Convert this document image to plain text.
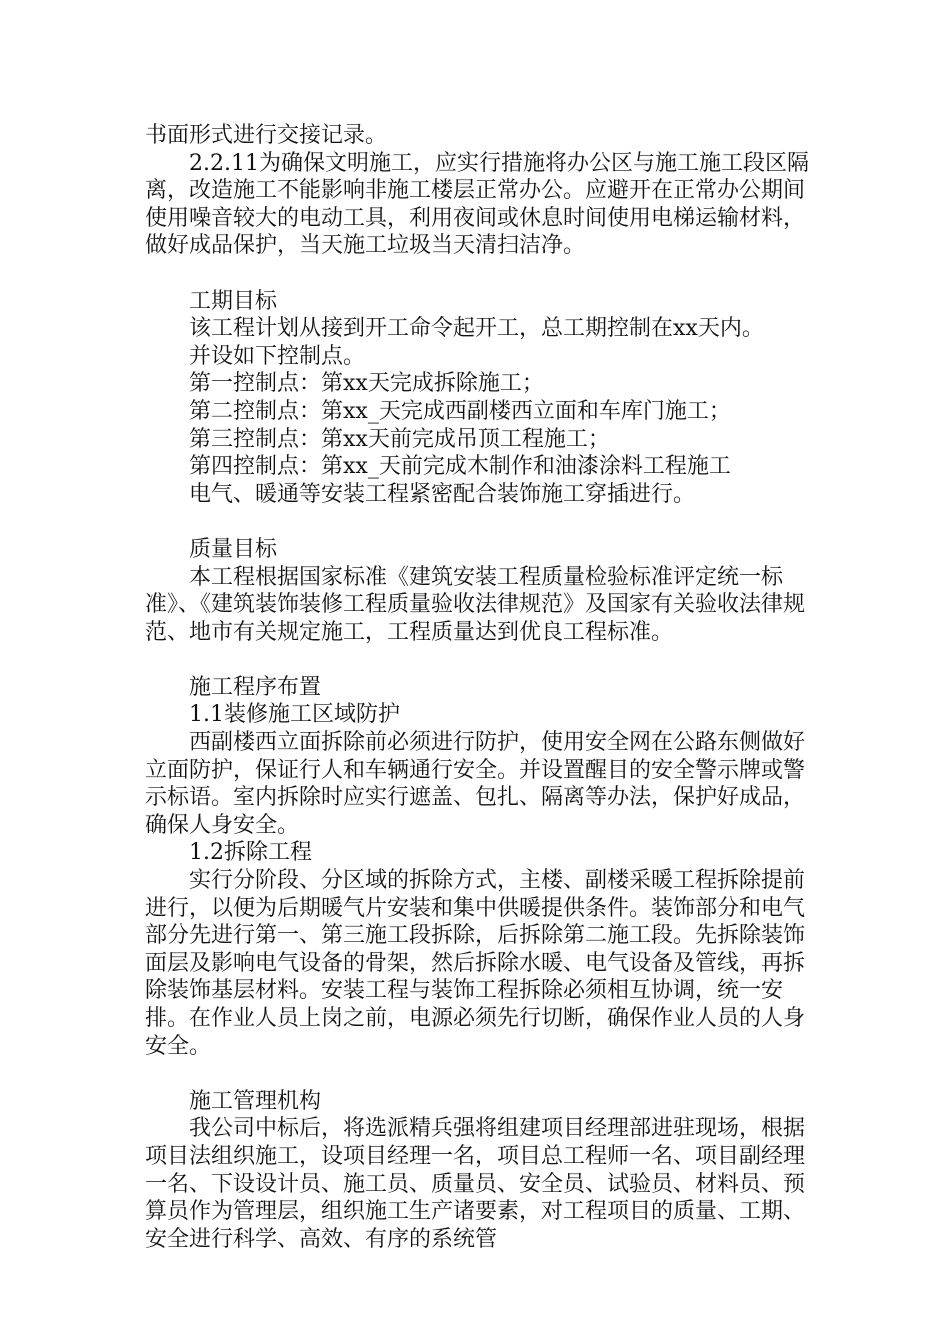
书面形式进行交接记录。

2.2.11为确保文明施工，应实行措施将办公区与施工施工段区隔离，改造施工不能影响非施工楼层正常办公。应避开在正常办公期间使用噪音较大的电动工具，利用夜间或休息时间使用电梯运输材料，做好成品保护，当天施工垃圾当天清扫洁净。

工期目标

该工程计划从接到开工命令起开工，总工期控制在xx天内。

并设如下控制点。

第一控制点：第xx天完成拆除施工；

第二控制点：第xx_天完成西副楼西立面和车库门施工；

第三控制点：第xx天前完成吊顶工程施工；

第四控制点：第xx_天前完成木制作和油漆涂料工程施工

电气、暖通等安装工程紧密配合装饰施工穿插进行。

质量目标

本工程根据国家标准《建筑安装工程质量检验标准评定统一标准》、《建筑装饰装修工程质量验收法律规范》及国家有关验收法律规范、地市有关规定施工，工程质量达到优良工程标准。

施工程序布置

1.1装修施工区域防护

西副楼西立面拆除前必须进行防护，使用安全网在公路东侧做好立面防护，保证行人和车辆通行安全。并设置醒目的安全警示牌或警示标语。室内拆除时应实行遮盖、包扎、隔离等办法，保护好成品，确保人身安全。

1.2拆除工程

实行分阶段、分区域的拆除方式，主楼、副楼采暖工程拆除提前进行，以便为后期暖气片安装和集中供暖提供条件。装饰部分和电气部分先进行第一、第三施工段拆除，后拆除第二施工段。先拆除装饰面层及影响电气设备的骨架，然后拆除水暖、电气设备及管线，再拆除装饰基层材料。安装工程与装饰工程拆除必须相互协调，统一安排。在作业人员上岗之前，电源必须先行切断，确保作业人员的人身安全。

施工管理机构

我公司中标后，将选派精兵强将组建项目经理部进驻现场，根据项目法组织施工，设项目经理一名，项目总工程师一名、项目副经理一名、下设设计员、施工员、质量员、安全员、试验员、材料员、预算员作为管理层，组织施工生产诸要素，对工程项目的质量、工期、安全进行科学、高效、有序的系统管
